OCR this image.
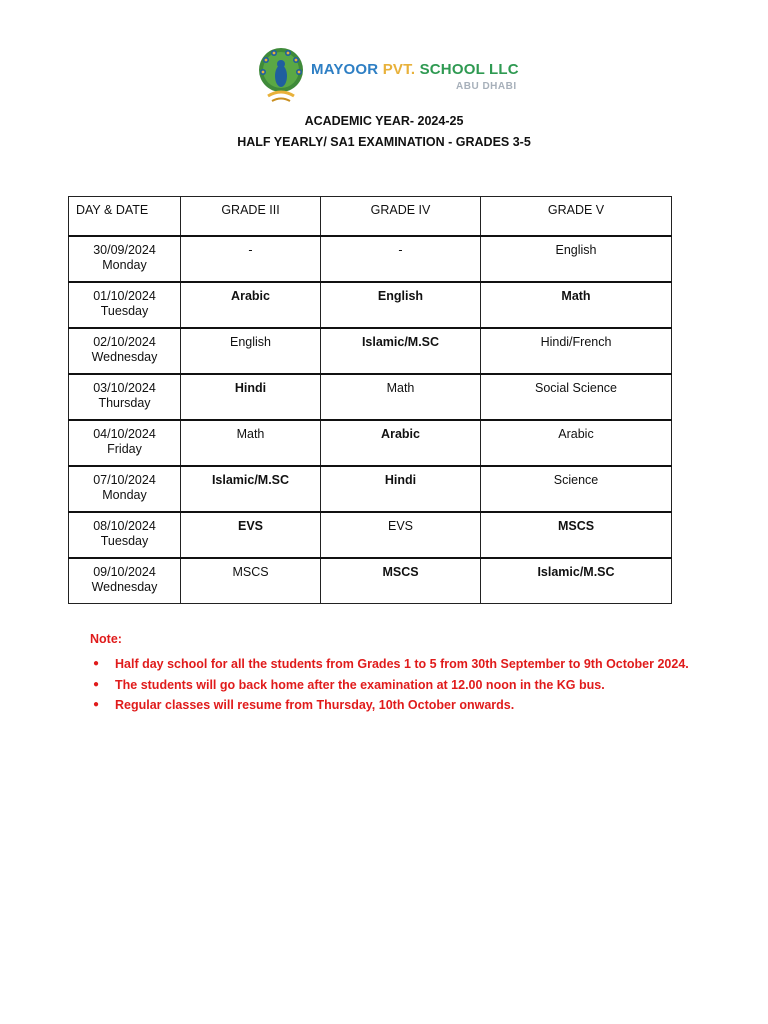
MAYOOR PVT. SCHOOL LLC
ABU DHABI
ACADEMIC YEAR- 2024-25
HALF YEARLY/ SA1 EXAMINATION - GRADES 3-5
DAY & DATE	GRADE III	GRADE IV	GRADE V

30/09/2024
Monday	-	-	English

01/10/2024
Tuesday	Arabic	English	Math

02/10/2024
Wednesday	English	Islamic/M.SC	Hindi/French

03/10/2024
Thursday	Hindi	Math	Social Science

04/10/2024
Friday	Math	Arabic	Arabic

07/10/2024
Monday	Islamic/M.SC	Hindi	Science

08/10/2024
Tuesday	EVS	EVS	MSCS

09/10/2024
Wednesday	MSCS	MSCS	Islamic/M.SC
Note:
● Half day school for all the students from Grades 1 to 5 from 30th September to 9th October 2024.
● The students will go back home after the examination at 12.00 noon in the KG bus.
● Regular classes will resume from Thursday, 10th October onwards.
